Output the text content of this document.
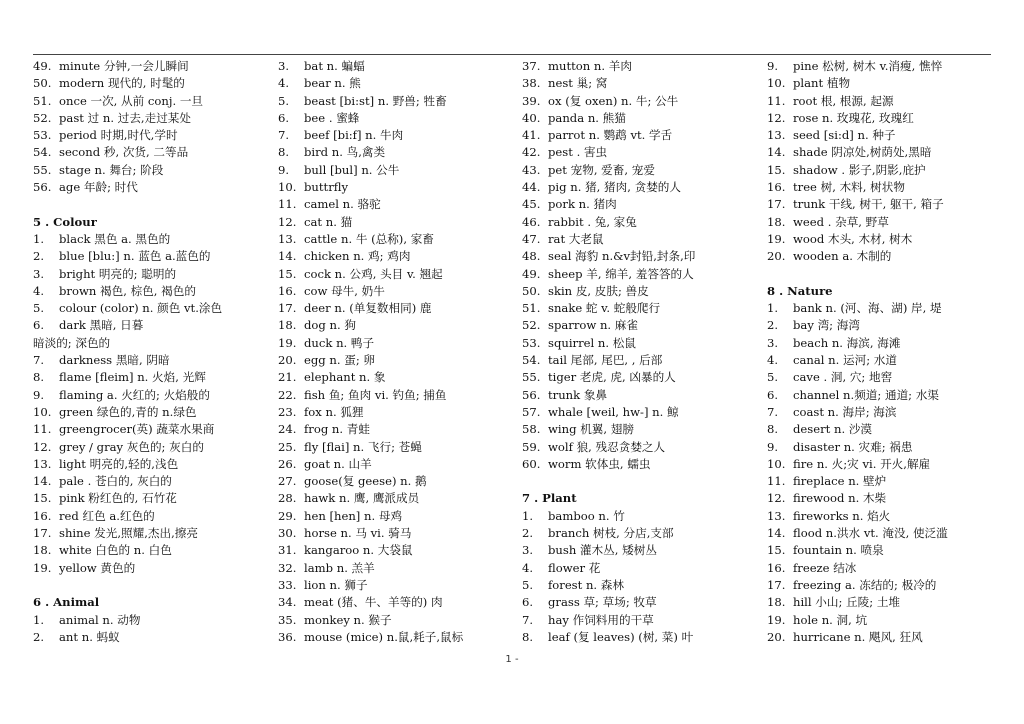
49. minute 分钟,一会儿瞬间
50. modern 现代的, 时髦的
51. once 一次, 从前 conj. 一旦
52. past 过 n. 过去,走过某处
53. period 时期,时代,学时
54. second 秒, 次货, 二等品
55. stage n. 舞台; 阶段
56. age 年龄; 时代
5 . Colour
1. black 黑色 a. 黑色的
2. blue [blu:] n. 蓝色 a.蓝色的
3. bright 明亮的; 聪明的
4. brown 褐色, 棕色, 褐色的
5. colour (color) n. 颜色 vt.涂色
6. dark 黑暗, 日暮
暗淡的; 深色的
7. darkness 黑暗, 阴暗
8. flame [fleim] n. 火焰, 光辉
9. flaming a. 火红的; 火焰般的
10. green 绿色的,青的 n.绿色
11. greengrocer(英) 蔬菜水果商
12. grey / gray 灰色的; 灰白的
13. light 明亮的,轻的,浅色
14. pale . 苍白的, 灰白的
15. pink 粉红色的, 石竹花
16. red 红色 a.红色的
17. shine 发光,照耀,杰出,擦亮
18. white 白色的 n. 白色
19. yellow 黄色的
6 . Animal
1. animal n. 动物
2. ant n. 蚂蚁
3. bat n. 蝙蝠
4. bear n. 熊
5. beast [bi:st] n. 野兽; 牲畜
6. bee . 蜜蜂
7. beef [bi:f] n. 牛肉
8. bird n. 鸟,禽类
9. bull [bul] n. 公牛
10. buttrfly
11. camel n. 骆驼
12. cat n. 猫
13. cattle n. 牛 (总称), 家畜
14. chicken n. 鸡; 鸡肉
15. cock n. 公鸡, 头目 v. 翘起
16. cow 母牛, 奶牛
17. deer n. (单复数相同) 鹿
18. dog n. 狗
19. duck n. 鸭子
20. egg n. 蛋; 卵
21. elephant n. 象
22. fish 鱼; 鱼肉 vi. 钓鱼; 捕鱼
23. fox n. 狐狸
24. frog n. 青蛙
25. fly [flai] n. 飞行; 苍蝇
26. goat n. 山羊
27. goose(复 geese) n. 鹅
28. hawk n. 鹰, 鹰派成员
29. hen [hen] n. 母鸡
30. horse n. 马 vi. 骑马
31. kangaroo n. 大袋鼠
32. lamb n. 羔羊
33. lion n. 狮子
34. meat (猪、牛、羊等的) 肉
35. monkey n. 猴子
36. mouse (mice) n.鼠,耗子,鼠标
37. mutton n. 羊肉
38. nest 巢; 窝
39. ox (复 oxen) n. 牛; 公牛
40. panda n. 熊猫
41. parrot n. 鹦鹉 vt. 学舌
42. pest . 害虫
43. pet 宠物, 爱畜, 宠爱
44. pig n. 猪, 猪肉, 贪婪的人
45. pork n. 猪肉
46. rabbit . 兔, 家兔
47. rat 大老鼠
48. seal 海豹 n.&v封铅,封条,印
49. sheep 羊, 绵羊, 羞答答的人
50. skin 皮, 皮肤; 兽皮
51. snake 蛇 v. 蛇般爬行
52. sparrow n. 麻雀
53. squirrel n. 松鼠
54. tail 尾部, 尾巴, , 后部
55. tiger 老虎, 虎, 凶暴的人
56. trunk 象鼻
57. whale [weil, hw-] n. 鲸
58. wing 机翼, 翅膀
59. wolf 狼, 残忍贪婪之人
60. worm 软体虫, 蠕虫
7 . Plant
1. bamboo n. 竹
2. branch 树枝, 分店,支部
3. bush 灌木丛, 矮树丛
4. flower 花
5. forest n. 森林
6. grass 草; 草场; 牧草
7. hay 作饲料用的干草
8. leaf (复 leaves) (树, 菜) 叶
9. pine 松树, 树木 v.消瘦, 憔悴
10. plant 植物
11. root 根, 根源, 起源
12. rose n. 玫瑰花, 玫瑰红
13. seed [si:d] n. 种子
14. shade 阴凉处,树荫处,黑暗
15. shadow . 影子,阴影,庇护
16. tree 树, 木料, 树状物
17. trunk 干线, 树干, 躯干, 箱子
18. weed . 杂草, 野草
19. wood 木头, 木材, 树木
20. wooden a. 木制的
8 . Nature
1. bank n. (河、海、湖) 岸, 堤
2. bay 湾; 海湾
3. beach n. 海滨, 海滩
4. canal n. 运河; 水道
5. cave . 洞, 穴; 地窖
6. channel n.频道; 通道; 水渠
7. coast n. 海岸; 海滨
8. desert n. 沙漠
9. disaster n. 灾难; 祸患
10. fire n. 火;灾 vi. 开火,解雇
11. fireplace n. 壁炉
12. firewood n. 木柴
13. fireworks n. 焰火
14. flood n.洪水 vt. 淹没, 使泛滥
15. fountain n. 喷泉
16. freeze 结冰
17. freezing a. 冻结的; 极冷的
18. hill 小山; 丘陵; 土堆
19. hole n. 洞, 坑
20. hurricane n. 飓风, 狂风
1 -
